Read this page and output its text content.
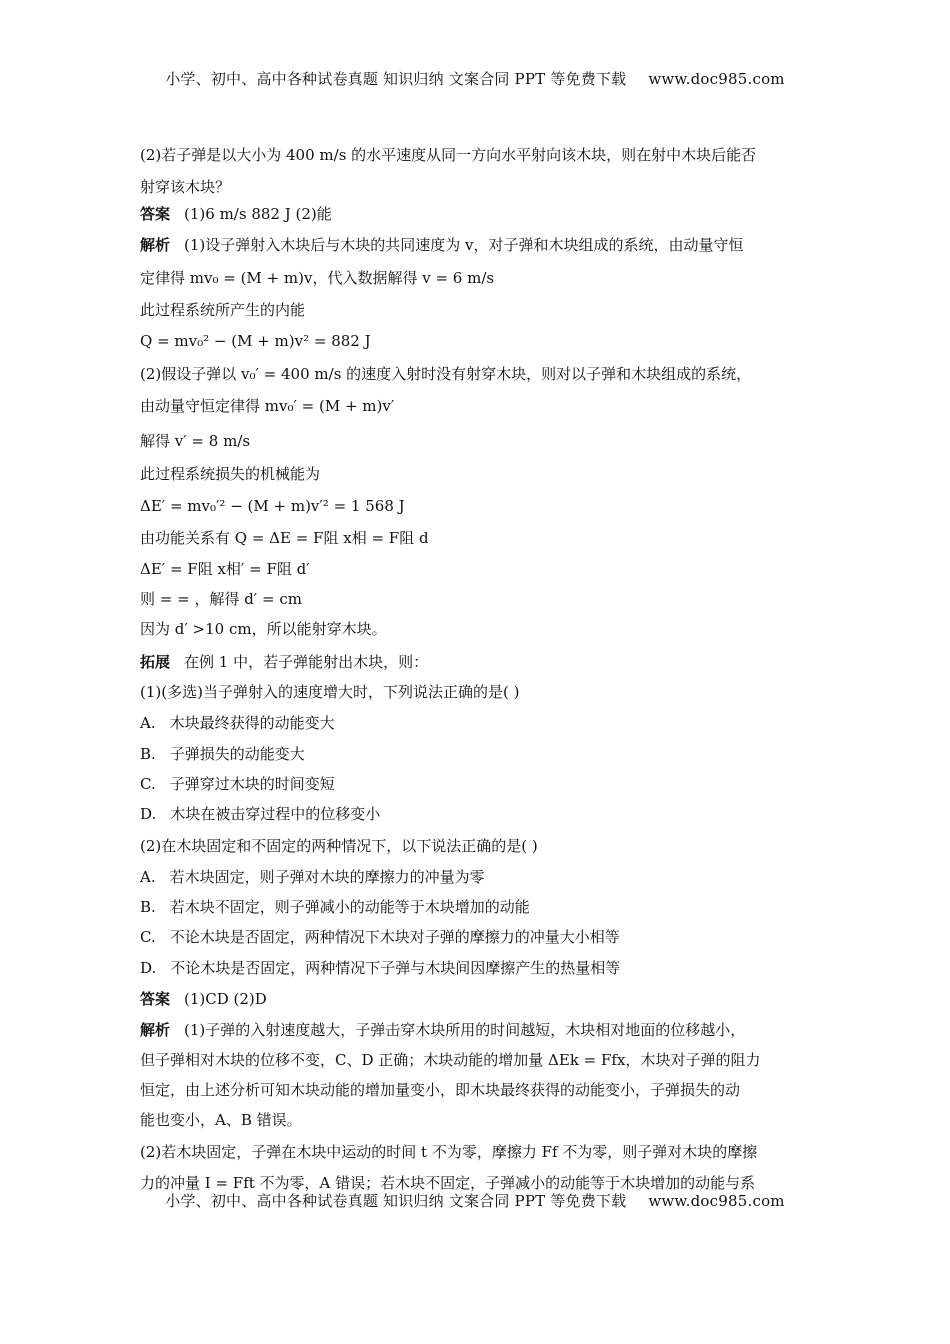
小学、初中、高中各种试卷真题 知识归纳 文案合同 PPT 等免费下载 www.doc985.com
(2)若子弹是以大小为 400 m/s 的水平速度从同一方向水平射向该木块，则在射中木块后能否
射穿该木块？
答案 (1)6 m/s 882 J (2)能
解析 (1)设子弹射入木块后与木块的共同速度为 v，对子弹和木块组成的系统，由动量守恒
定律得 mv₀ = (M + m)v，代入数据解得 v = 6 m/s
此过程系统所产生的内能
Q = mv₀² − (M + m)v² = 882 J
(2)假设子弹以 v₀′ = 400 m/s 的速度入射时没有射穿木块，则对以子弹和木块组成的系统，
由动量守恒定律得 mv₀′ = (M + m)v′
解得 v′ = 8 m/s
此过程系统损失的机械能为
ΔE′ = mv₀′² − (M + m)v′² = 1 568 J
由功能关系有 Q = ΔE = F阻 x相 = F阻 d
ΔE′ = F阻 x相′ = F阻 d′
则 = = ，解得 d′ = cm
因为 d′ >10 cm，所以能射穿木块。
拓展 在例 1 中，若子弹能射出木块，则：
(1)(多选)当子弹射入的速度增大时，下列说法正确的是( )
A. 木块最终获得的动能变大
B. 子弹损失的动能变大
C. 子弹穿过木块的时间变短
D. 木块在被击穿过程中的位移变小
(2)在木块固定和不固定的两种情况下，以下说法正确的是( )
A. 若木块固定，则子弹对木块的摩擦力的冲量为零
B. 若木块不固定，则子弹减小的动能等于木块增加的动能
C. 不论木块是否固定，两种情况下木块对子弹的摩擦力的冲量大小相等
D. 不论木块是否固定，两种情况下子弹与木块间因摩擦产生的热量相等
答案 (1)CD (2)D
解析 (1)子弹的入射速度越大，子弹击穿木块所用的时间越短，木块相对地面的位移越小，
但子弹相对木块的位移不变，C、D 正确；木块动能的增加量 ΔEk = Ffx，木块对子弹的阻力
恒定，由上述分析可知木块动能的增加量变小，即木块最终获得的动能变小，子弹损失的动
能也变小，A、B 错误。
(2)若木块固定，子弹在木块中运动的时间 t 不为零，摩擦力 Ff 不为零，则子弹对木块的摩擦
力的冲量 I = Fft 不为零，A 错误；若木块不固定，子弹减小的动能等于木块增加的动能与系
小学、初中、高中各种试卷真题 知识归纳 文案合同 PPT 等免费下载 www.doc985.com
